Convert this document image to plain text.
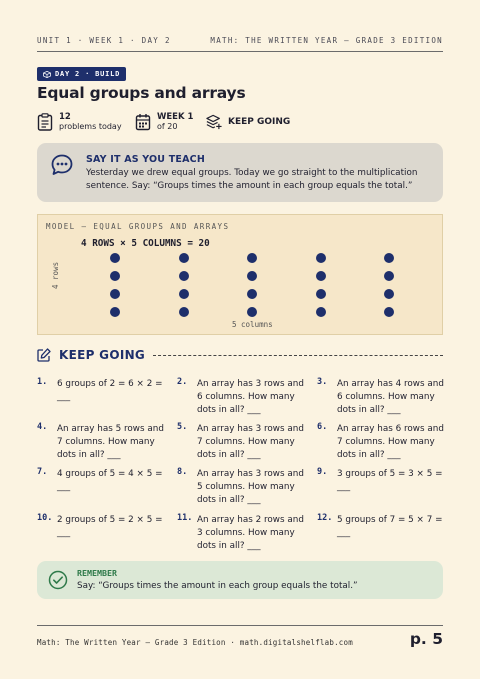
UNIT 1 · WEEK 1 · DAY 2	MATH: THE WRITTEN YEAR — GRADE 3 EDITION
DAY 2 · BUILD
Equal groups and arrays
12
problems today
WEEK 1
of 20	KEEP GOING
SAY IT AS YOU TEACH
Yesterday we drew equal groups. Today we go straight to the multiplication sentence. Say: “Groups times the amount in each group equals the total.”
MODEL — EQUAL GROUPS AND ARRAYS
4 ROWS × 5 COLUMNS = 20
4 rows
5 columns
KEEP GOING
1. 6 groups of 2 = 6 × 2 = ___
2. An array has 3 rows and 6 columns. How many dots in all? ___
3. An array has 4 rows and 6 columns. How many dots in all? ___
4. An array has 5 rows and 7 columns. How many dots in all? ___
5. An array has 3 rows and 7 columns. How many dots in all? ___
6. An array has 6 rows and 7 columns. How many dots in all? ___
7. 4 groups of 5 = 4 × 5 = ___
8. An array has 3 rows and 5 columns. How many dots in all? ___
9. 3 groups of 5 = 3 × 5 = ___
10. 2 groups of 5 = 2 × 5 = ___
11. An array has 2 rows and 3 columns. How many dots in all? ___
12. 5 groups of 7 = 5 × 7 = ___
REMEMBER
Say: “Groups times the amount in each group equals the total.”
Math: The Written Year — Grade 3 Edition · math.digitalshelflab.com	p. 5
